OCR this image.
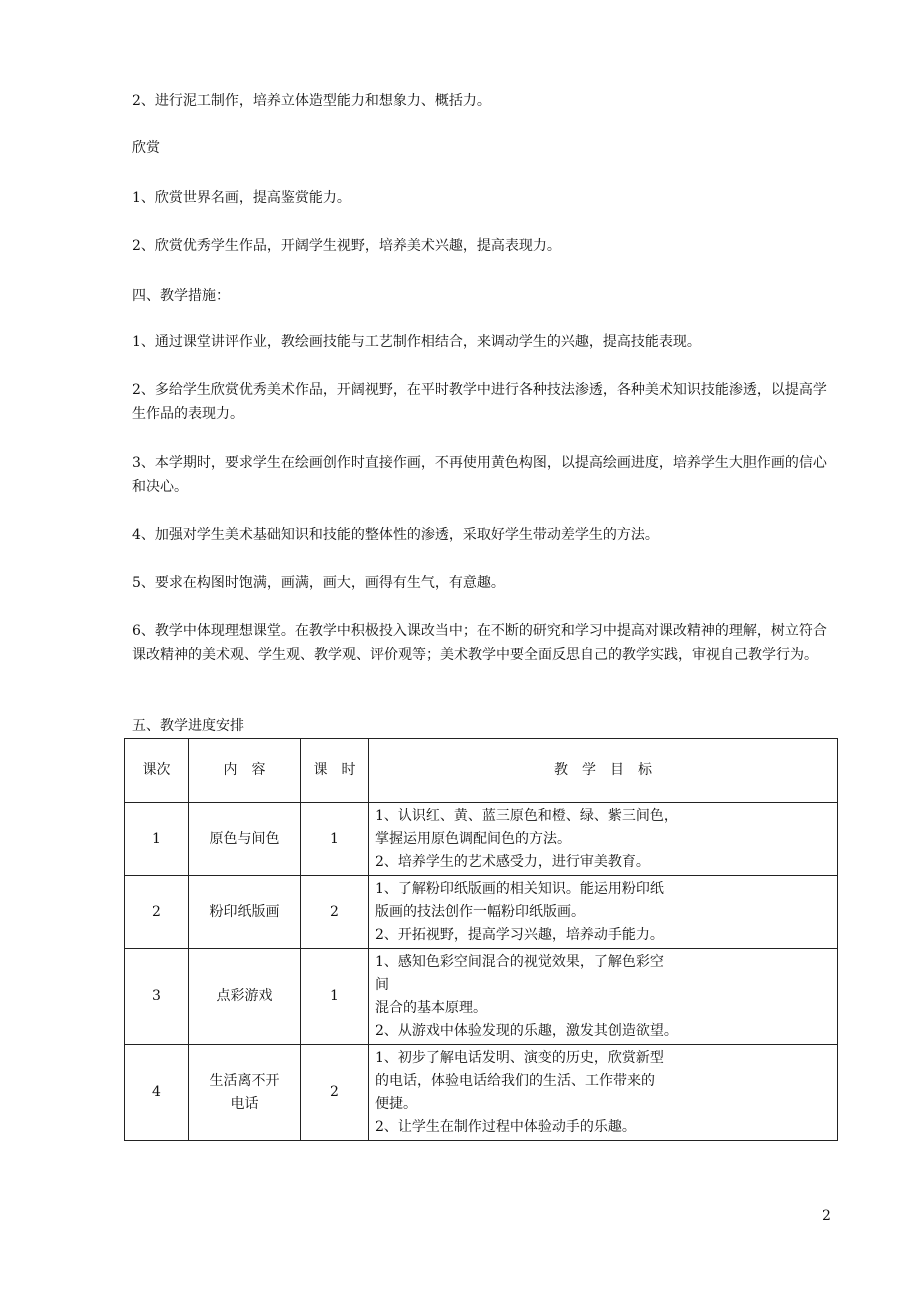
2、进行泥工制作，培养立体造型能力和想象力、概括力。

欣赏

1、欣赏世界名画，提高鉴赏能力。

2、欣赏优秀学生作品，开阔学生视野，培养美术兴趣，提高表现力。

四、教学措施：

1、通过课堂讲评作业，教绘画技能与工艺制作相结合，来调动学生的兴趣，提高技能表现。

2、多给学生欣赏优秀美术作品，开阔视野，在平时教学中进行各种技法渗透，各种美术知识技能渗透，以提高学生作品的表现力。

3、本学期时，要求学生在绘画创作时直接作画，不再使用黄色构图，以提高绘画进度，培养学生大胆作画的信心和决心。

4、加强对学生美术基础知识和技能的整体性的渗透，采取好学生带动差学生的方法。

5、要求在构图时饱满，画满，画大，画得有生气，有意趣。

6、教学中体现理想课堂。在教学中积极投入课改当中；在不断的研究和学习中提高对课改精神的理解，树立符合课改精神的美术观、学生观、教学观、评价观等；美术教学中要全面反思自己的教学实践，审视自己教学行为。

五、教学进度安排

课次	内　容	课　时	教　学　目　标
1	原色与间色	1	1、认识红、黄、蓝三原色和橙、绿、紫三间色，
掌握运用原色调配间色的方法。
2、培养学生的艺术感受力，进行审美教育。

2	粉印纸版画	2	1、了解粉印纸版画的相关知识。能运用粉印纸
版画的技法创作一幅粉印纸版画。
2、开拓视野，提高学习兴趣，培养动手能力。

3	点彩游戏	1	1、感知色彩空间混合的视觉效果，了解色彩空
间
混合的基本原理。
2、从游戏中体验发现的乐趣，激发其创造欲望。

4	生活离不开电话	2	1、初步了解电话发明、演变的历史，欣赏新型
的电话，体验电话给我们的生活、工作带来的
便捷。
2、让学生在制作过程中体验动手的乐趣。
2
